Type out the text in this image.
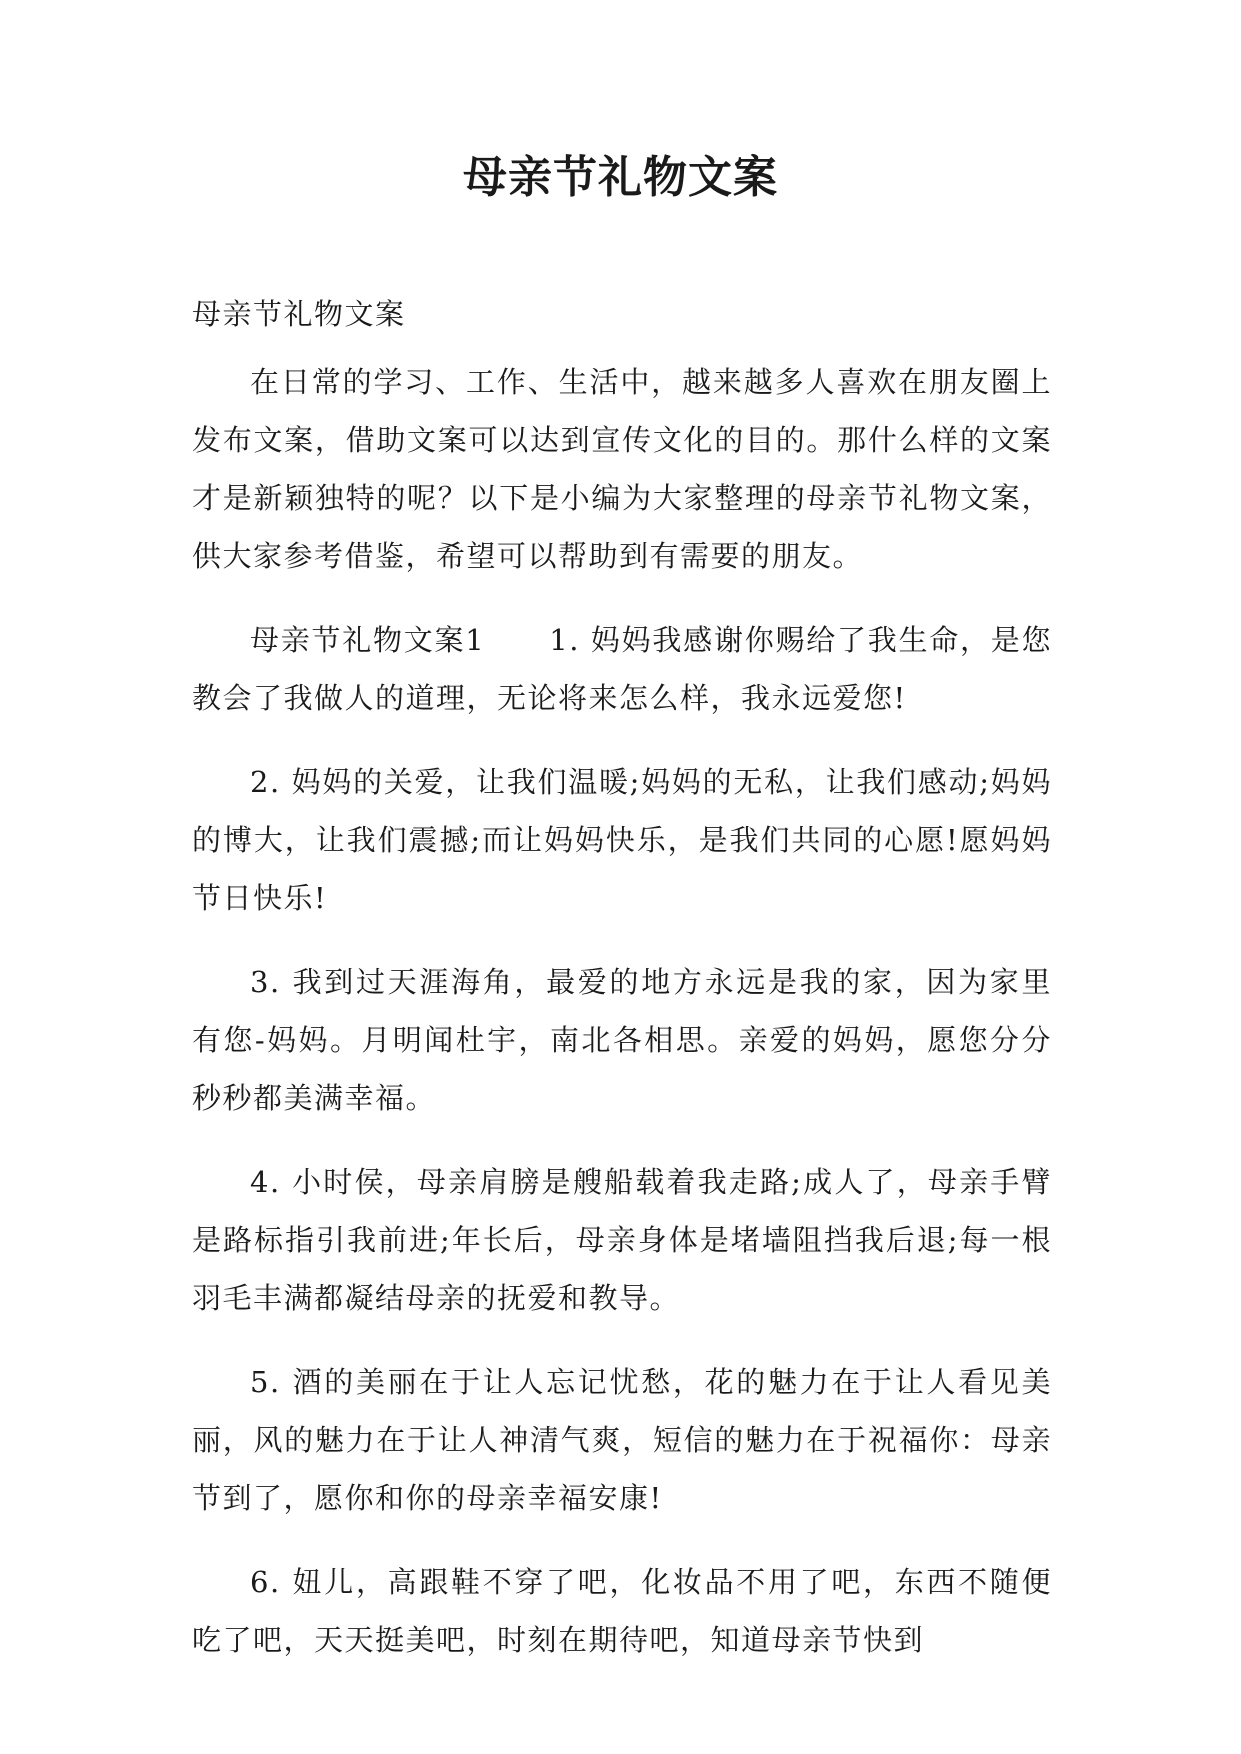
母亲节礼物文案

母亲节礼物文案

在日常的学习、工作、生活中，越来越多人喜欢在朋友圈上发布文案，借助文案可以达到宣传文化的目的。那什么样的文案才是新颖独特的呢？以下是小编为大家整理的母亲节礼物文案，供大家参考借鉴，希望可以帮助到有需要的朋友。

母亲节礼物文案1 1. 妈妈我感谢你赐给了我生命，是您教会了我做人的道理，无论将来怎么样，我永远爱您!

2. 妈妈的关爱，让我们温暖;妈妈的无私，让我们感动;妈妈的博大，让我们震撼;而让妈妈快乐，是我们共同的心愿!愿妈妈节日快乐!

3. 我到过天涯海角，最爱的地方永远是我的家，因为家里有您-妈妈。月明闻杜宇，南北各相思。亲爱的妈妈，愿您分分秒秒都美满幸福。

4. 小时侯，母亲肩膀是艘船载着我走路;成人了，母亲手臂是路标指引我前进;年长后，母亲身体是堵墙阻挡我后退;每一根羽毛丰满都凝结母亲的抚爱和教导。

5. 酒的美丽在于让人忘记忧愁，花的魅力在于让人看见美丽，风的魅力在于让人神清气爽，短信的魅力在于祝福你：母亲节到了，愿你和你的母亲幸福安康!

6. 妞儿，高跟鞋不穿了吧，化妆品不用了吧，东西不随便吃了吧，天天挺美吧，时刻在期待吧，知道母亲节快到
